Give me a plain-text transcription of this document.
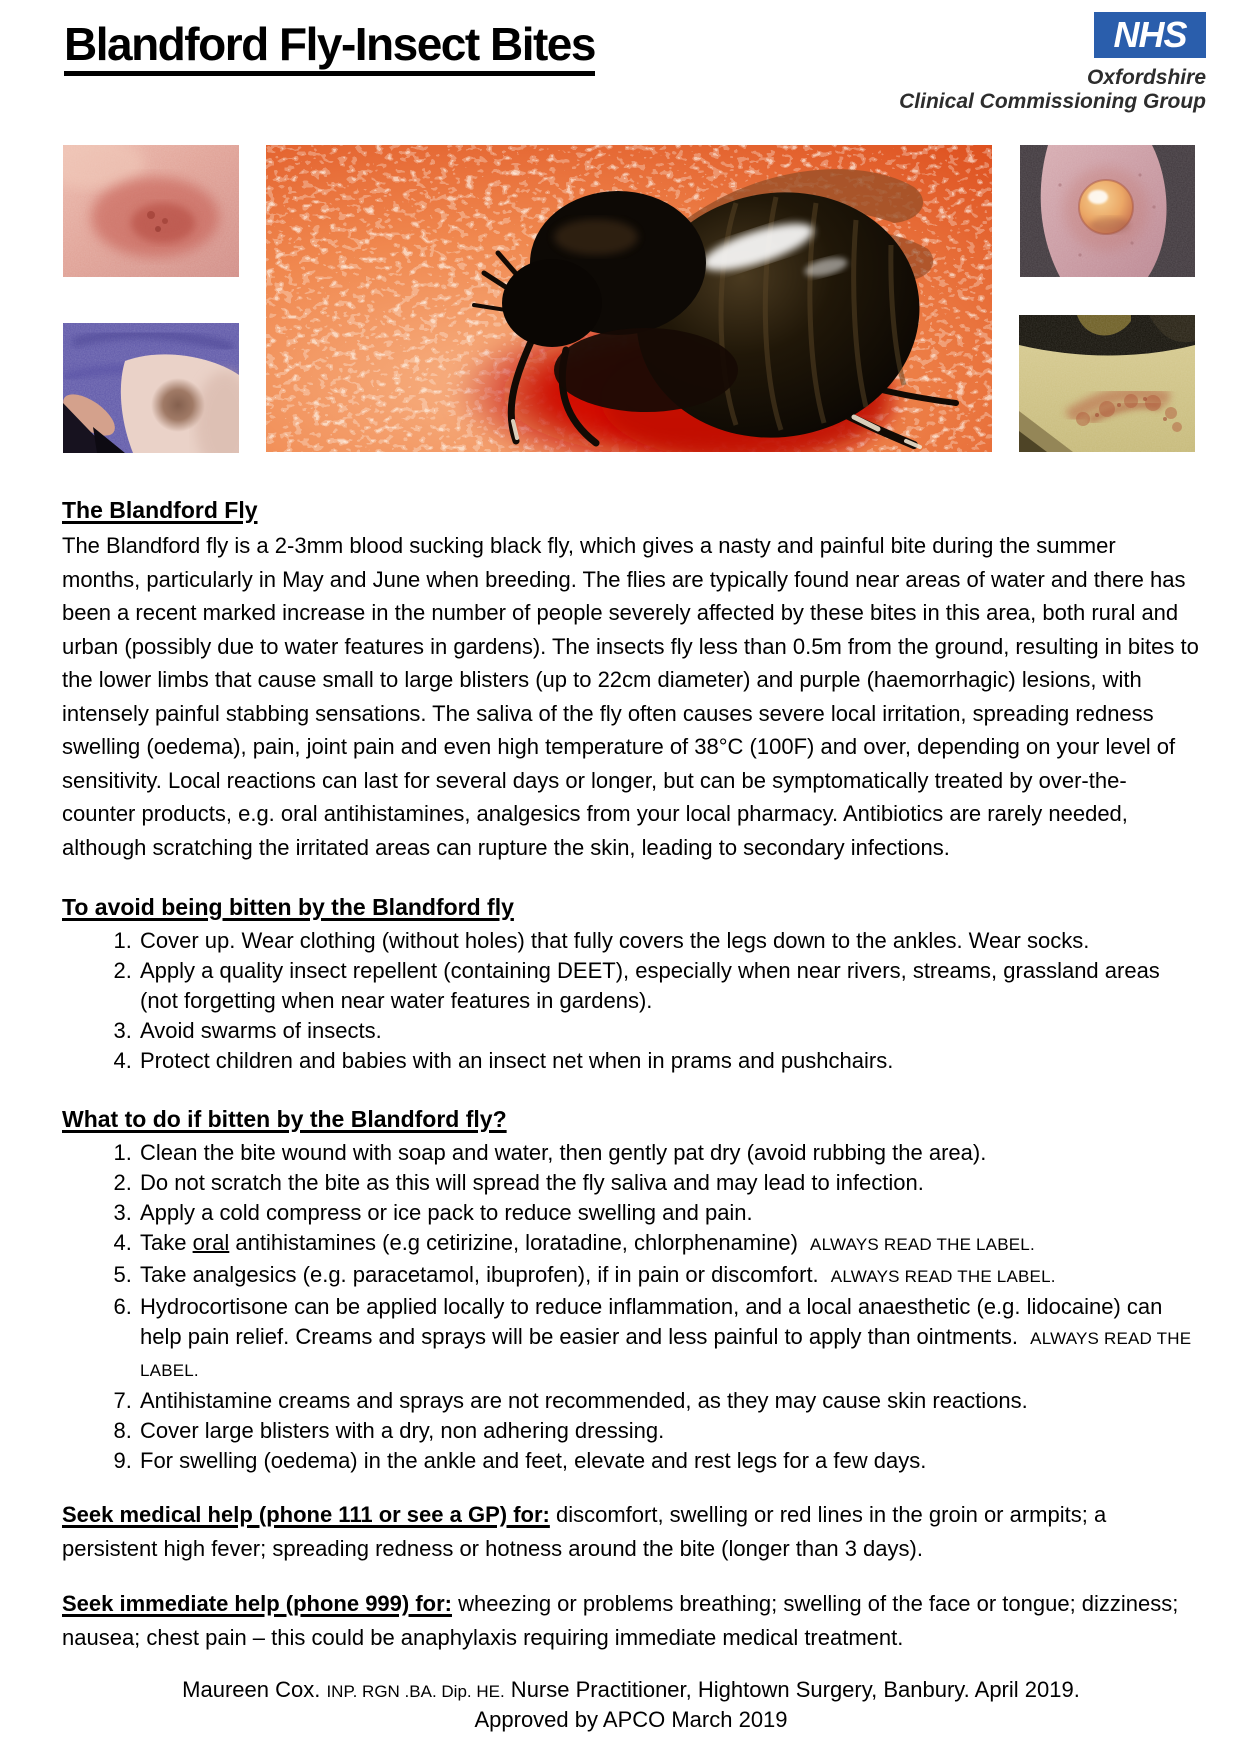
Blandford Fly-Insect Bites	NHS
Oxfordshire
Clinical Commissioning Group
The Blandford Fly

The Blandford fly is a 2-3mm blood sucking black fly, which gives a nasty and painful bite during the summer months, particularly in May and June when breeding. The flies are typically found near areas of water and there has been a recent marked increase in the number of people severely affected by these bites in this area, both rural and urban (possibly due to water features in gardens). The insects fly less than 0.5m from the ground, resulting in bites to the lower limbs that cause small to large blisters (up to 22cm diameter) and purple (haemorrhagic) lesions, with intensely painful stabbing sensations. The saliva of the fly often causes severe local irritation, spreading redness swelling (oedema), pain, joint pain and even high temperature of 38°C (100F) and over, depending on your level of sensitivity. Local reactions can last for several days or longer, but can be symptomatically treated by over-the-counter products, e.g. oral antihistamines, analgesics from your local pharmacy. Antibiotics are rarely needed, although scratching the irritated areas can rupture the skin, leading to secondary infections.

To avoid being bitten by the Blandford fly
1. Cover up. Wear clothing (without holes) that fully covers the legs down to the ankles. Wear socks.
2. Apply a quality insect repellent (containing DEET), especially when near rivers, streams, grassland areas (not forgetting when near water features in gardens).
3. Avoid swarms of insects.
4. Protect children and babies with an insect net when in prams and pushchairs.
What to do if bitten by the Blandford fly?
1. Clean the bite wound with soap and water, then gently pat dry (avoid rubbing the area).
2. Do not scratch the bite as this will spread the fly saliva and may lead to infection.
3. Apply a cold compress or ice pack to reduce swelling and pain.
4. Take oral antihistamines (e.g cetirizine, loratadine, chlorphenamine) ALWAYS READ THE LABEL.
5. Take analgesics (e.g. paracetamol, ibuprofen), if in pain or discomfort. ALWAYS READ THE LABEL.
6. Hydrocortisone can be applied locally to reduce inflammation, and a local anaesthetic (e.g. lidocaine) can help pain relief. Creams and sprays will be easier and less painful to apply than ointments. ALWAYS READ THE LABEL.
7. Antihistamine creams and sprays are not recommended, as they may cause skin reactions.
8. Cover large blisters with a dry, non adhering dressing.
9. For swelling (oedema) in the ankle and feet, elevate and rest legs for a few days.

Seek medical help (phone 111 or see a GP) for: discomfort, swelling or red lines in the groin or armpits; a persistent high fever; spreading redness or hotness around the bite (longer than 3 days).

Seek immediate help (phone 999) for: wheezing or problems breathing; swelling of the face or tongue; dizziness; nausea; chest pain – this could be anaphylaxis requiring immediate medical treatment.

Maureen Cox. INP. RGN .BA. Dip. HE. Nurse Practitioner, Hightown Surgery, Banbury. April 2019.
Approved by APCO March 2019
